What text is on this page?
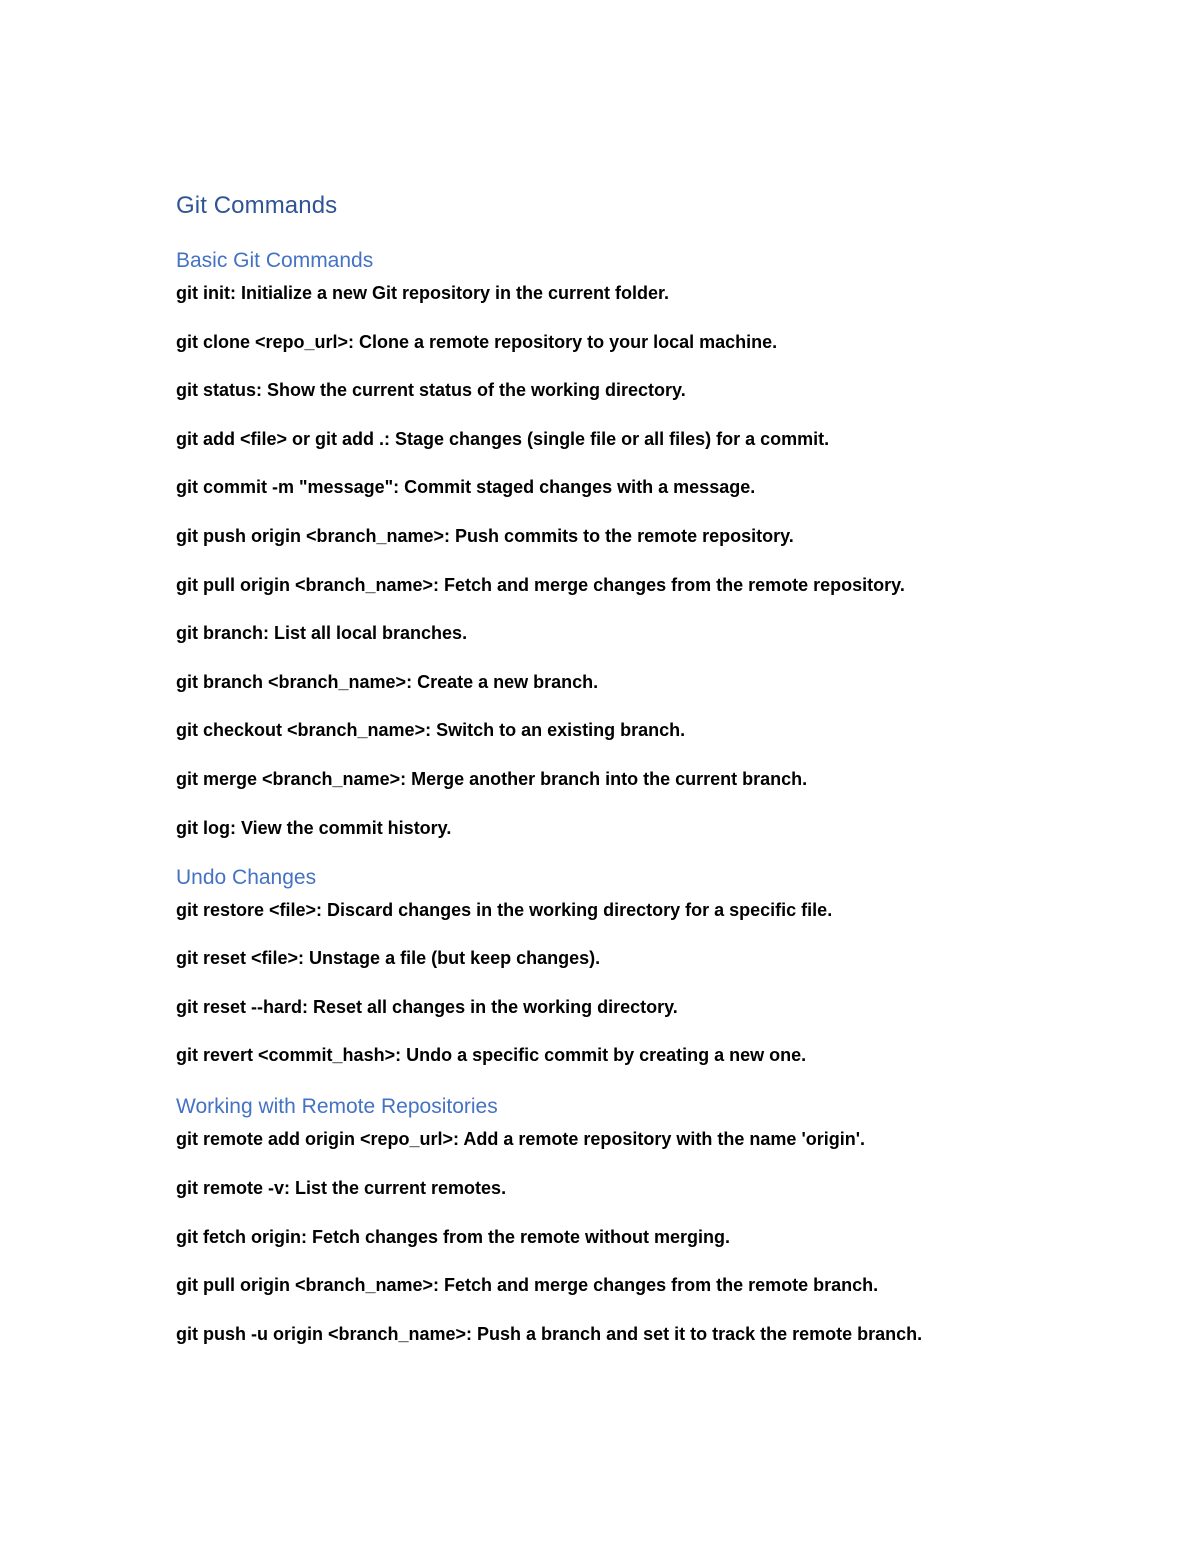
Git Commands
Basic Git Commands

git init: Initialize a new Git repository in the current folder.

git clone <repo_url>: Clone a remote repository to your local machine.

git status: Show the current status of the working directory.

git add <file> or git add .: Stage changes (single file or all files) for a commit.

git commit -m "message": Commit staged changes with a message.

git push origin <branch_name>: Push commits to the remote repository.

git pull origin <branch_name>: Fetch and merge changes from the remote repository.

git branch: List all local branches.

git branch <branch_name>: Create a new branch.

git checkout <branch_name>: Switch to an existing branch.

git merge <branch_name>: Merge another branch into the current branch.

git log: View the commit history.

Undo Changes

git restore <file>: Discard changes in the working directory for a specific file.

git reset <file>: Unstage a file (but keep changes).

git reset --hard: Reset all changes in the working directory.

git revert <commit_hash>: Undo a specific commit by creating a new one.

Working with Remote Repositories

git remote add origin <repo_url>: Add a remote repository with the name 'origin'.

git remote -v: List the current remotes.

git fetch origin: Fetch changes from the remote without merging.

git pull origin <branch_name>: Fetch and merge changes from the remote branch.

git push -u origin <branch_name>: Push a branch and set it to track the remote branch.
